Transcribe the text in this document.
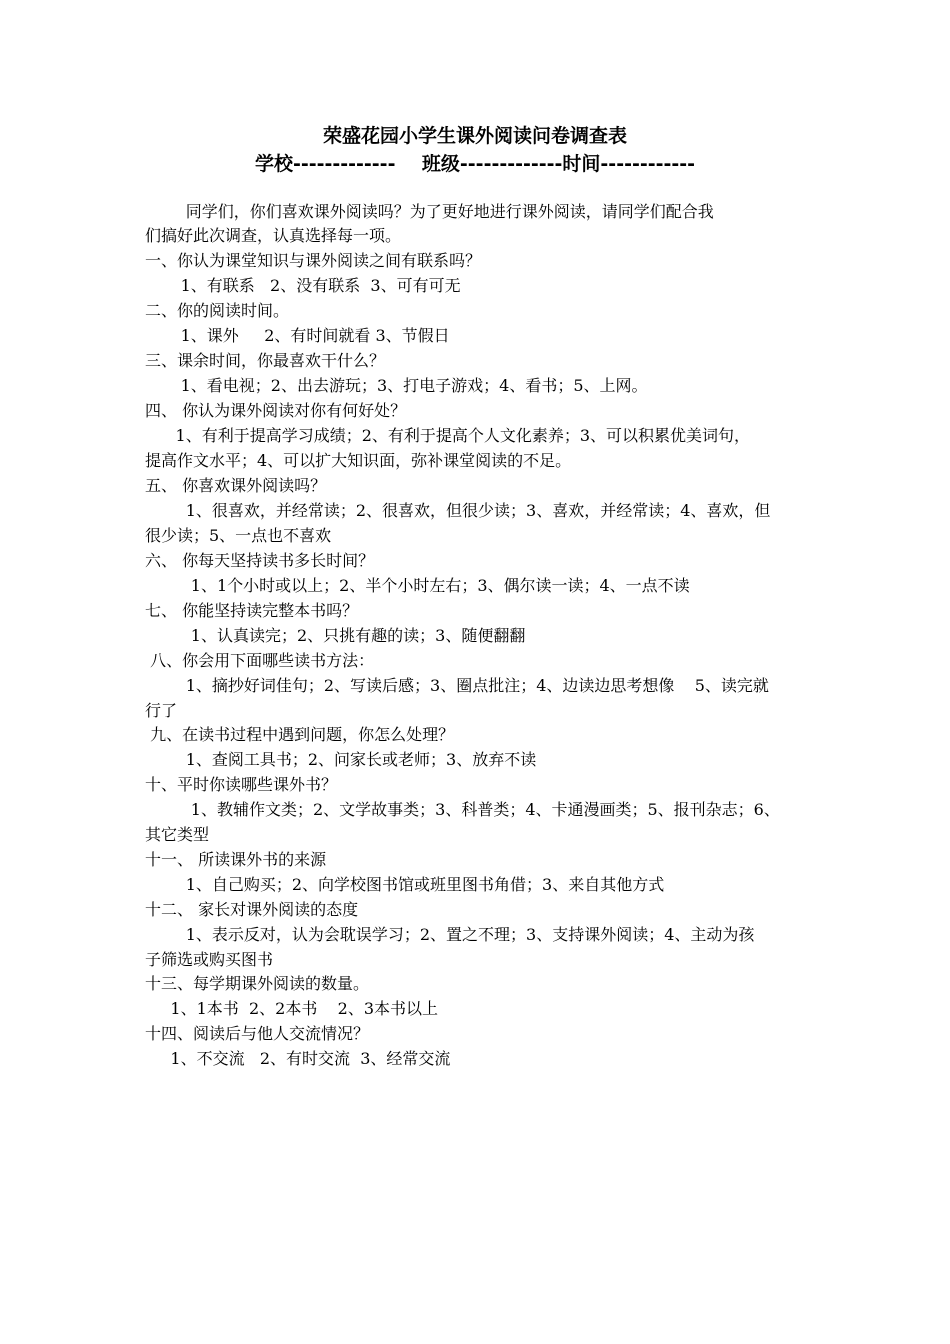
荣盛花园小学生课外阅读问卷调查表
学校-------------    班级-------------时间------------
同学们，你们喜欢课外阅读吗？为了更好地进行课外阅读，请同学们配合我
们搞好此次调查，认真选择每一项。
一、你认为课堂知识与课外阅读之间有联系吗？
1、有联系   2、没有联系  3、可有可无
二、你的阅读时间。
1、课外     2、有时间就看 3、节假日
三、课余时间，你最喜欢干什么？
1、看电视；2、出去游玩；3、打电子游戏；4、看书；5、上网。
四、 你认为课外阅读对你有何好处？
1、有利于提高学习成绩；2、有利于提高个人文化素养；3、可以积累优美词句，
提高作文水平；4、可以扩大知识面，弥补课堂阅读的不足。
五、 你喜欢课外阅读吗？
1、很喜欢，并经常读；2、很喜欢，但很少读；3、喜欢，并经常读；4、喜欢，但
很少读；5、一点也不喜欢
六、 你每天坚持读书多长时间？
1、1个小时或以上；2、半个小时左右；3、偶尔读一读；4、一点不读
七、 你能坚持读完整本书吗？
1、认真读完；2、只挑有趣的读；3、随便翻翻
八、你会用下面哪些读书方法：
1、摘抄好词佳句；2、写读后感；3、圈点批注；4、边读边思考想像    5、读完就
行了
九、在读书过程中遇到问题，你怎么处理？
1、查阅工具书；2、问家长或老师；3、放弃不读
十、平时你读哪些课外书？
1、教辅作文类；2、文学故事类；3、科普类；4、卡通漫画类；5、报刊杂志；6、
其它类型
十一、 所读课外书的来源
1、自己购买；2、向学校图书馆或班里图书角借；3、来自其他方式
十二、 家长对课外阅读的态度
1、表示反对，认为会耽误学习；2、置之不理；3、支持课外阅读；4、主动为孩
子筛选或购买图书
十三、每学期课外阅读的数量。
1、1本书  2、2本书    2、3本书以上
十四、阅读后与他人交流情况？
1、不交流   2、有时交流  3、经常交流
